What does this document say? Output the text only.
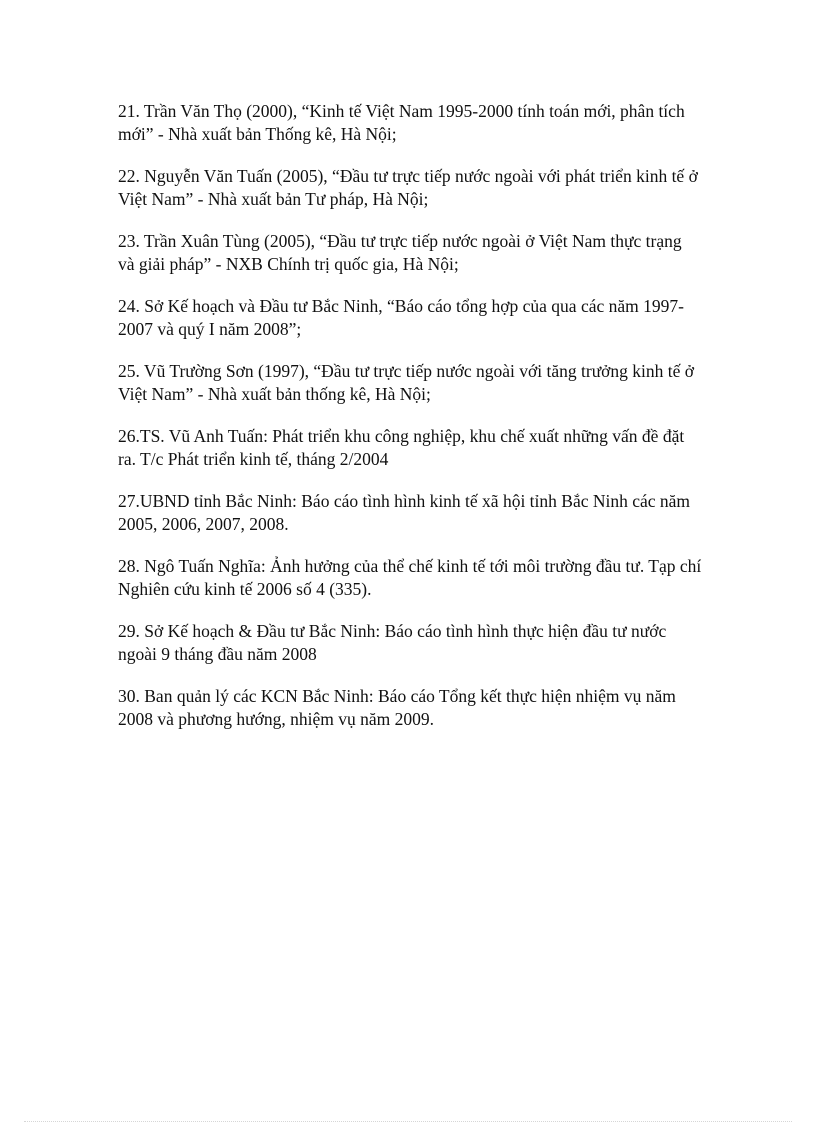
21. Trần Văn Thọ (2000), “Kinh tế Việt Nam 1995-2000 tính toán mới, phân tích mới” - Nhà xuất bản Thống kê, Hà Nội;
22. Nguyễn Văn Tuấn (2005), “Đầu tư trực tiếp nước ngoài với phát triển kinh tế ở Việt Nam” - Nhà xuất bản Tư pháp, Hà Nội;
23. Trần Xuân Tùng (2005), “Đầu tư trực tiếp nước ngoài ở Việt Nam thực trạng và giải pháp” - NXB Chính trị quốc gia, Hà Nội;
24. Sở Kế hoạch và Đầu tư Bắc Ninh, “Báo cáo tổng hợp của qua các năm 1997-2007 và quý I năm 2008”;
25. Vũ Trường Sơn (1997), “Đầu tư trực tiếp nước ngoài với tăng trưởng kinh tế ở Việt Nam” - Nhà xuất bản thống kê, Hà Nội;
26.TS. Vũ Anh Tuấn: Phát triển khu công nghiệp, khu chế xuất những vấn đề đặt ra. T/c Phát triển kinh tế, tháng 2/2004
27.UBND tỉnh Bắc Ninh: Báo cáo tình hình kinh tế xã hội tỉnh Bắc Ninh các năm 2005, 2006, 2007, 2008.
28. Ngô Tuấn Nghĩa: Ảnh hưởng của thể chế kinh tế tới môi trường đầu tư. Tạp chí Nghiên cứu kinh tế 2006 số 4 (335).
29. Sở Kế hoạch & Đầu tư Bắc Ninh: Báo cáo tình hình thực hiện đầu tư nước ngoài 9 tháng đầu năm 2008
30. Ban quản lý các KCN Bắc Ninh: Báo cáo Tổng kết thực hiện nhiệm vụ năm 2008 và phương hướng, nhiệm vụ năm 2009.
